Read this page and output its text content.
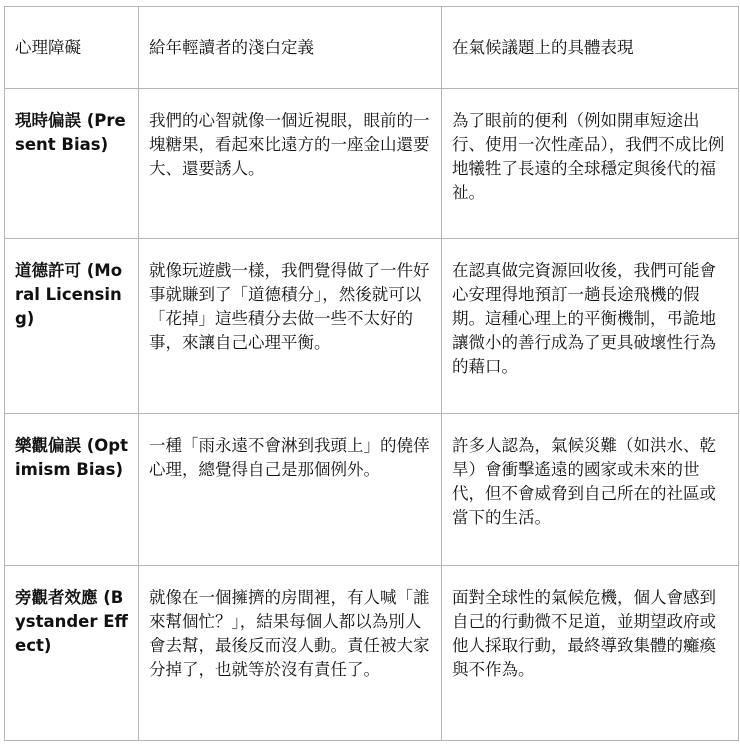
心理障礙	給年輕讀者的淺白定義	在氣候議題上的具體表現
現時偏誤 (Present Bias)	我們的心智就像一個近視眼，眼前的一塊糖果，看起來比遠方的一座金山還要大、還要誘人。	為了眼前的便利（例如開車短途出行、使用一次性產品），我們不成比例地犧牲了長遠的全球穩定與後代的福祉。
道德許可 (Moral Licensing)	就像玩遊戲一樣，我們覺得做了一件好事就賺到了「道德積分」，然後就可以「花掉」這些積分去做一些不太好的事，來讓自己心理平衡。	在認真做完資源回收後，我們可能會心安理得地預訂一趟長途飛機的假期。這種心理上的平衡機制，弔詭地讓微小的善行成為了更具破壞性行為的藉口。
樂觀偏誤 (Optimism Bias)	一種「雨永遠不會淋到我頭上」的僥倖心理，總覺得自己是那個例外。	許多人認為，氣候災難（如洪水、乾旱）會衝擊遙遠的國家或未來的世代，但不會威脅到自己所在的社區或當下的生活。
旁觀者效應 (Bystander Effect)	就像在一個擁擠的房間裡，有人喊「誰來幫個忙？」，結果每個人都以為別人會去幫，最後反而沒人動。責任被大家分掉了，也就等於沒有責任了。	面對全球性的氣候危機，個人會感到自己的行動微不足道，並期望政府或他人採取行動，最終導致集體的癱瘓與不作為。
